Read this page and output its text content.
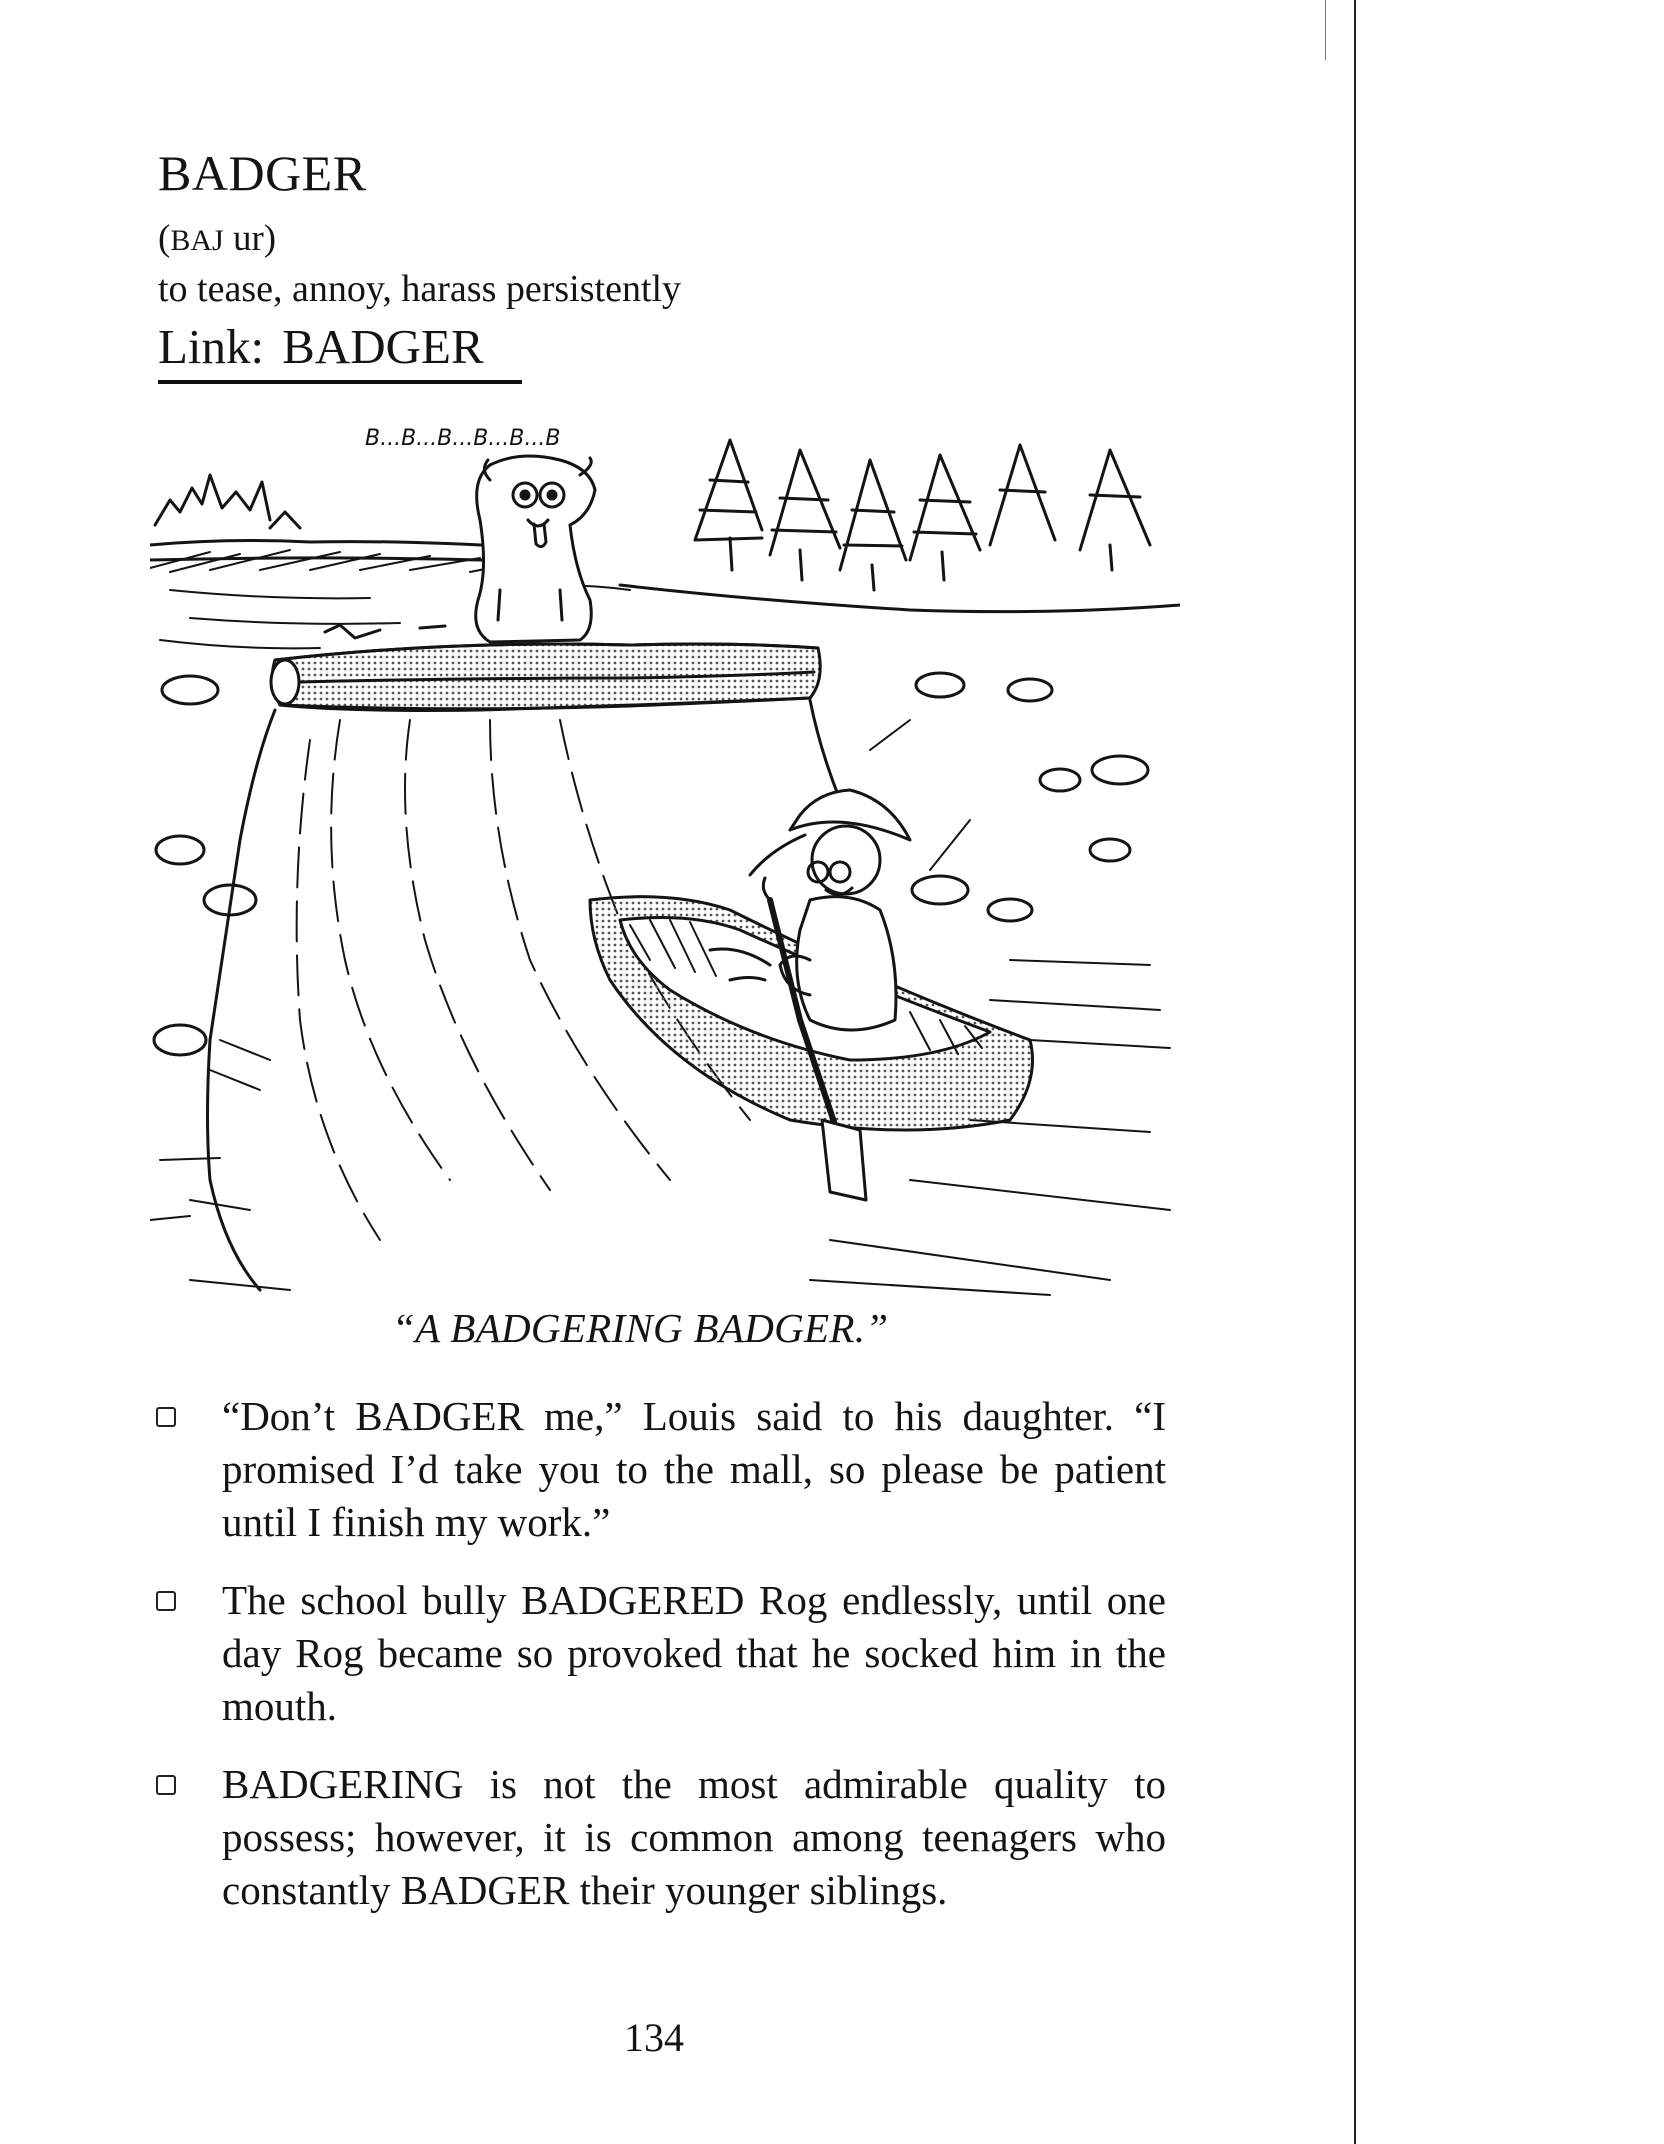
BADGER
(BAJ ur)
to tease, annoy, harass persistently
Link: BADGER
B...B...B...B...B...B
“A BADGERING BADGER.”
“Don’t BADGER me,” Louis said to his daughter. “I promised I’d take you to the mall, so please be patient until I finish my work.”
The school bully BADGERED Rog endlessly, until one day Rog became so provoked that he socked him in the mouth.
BADGERING is not the most admirable quality to possess; however, it is common among teenagers who constantly BADGER their younger siblings.
134
